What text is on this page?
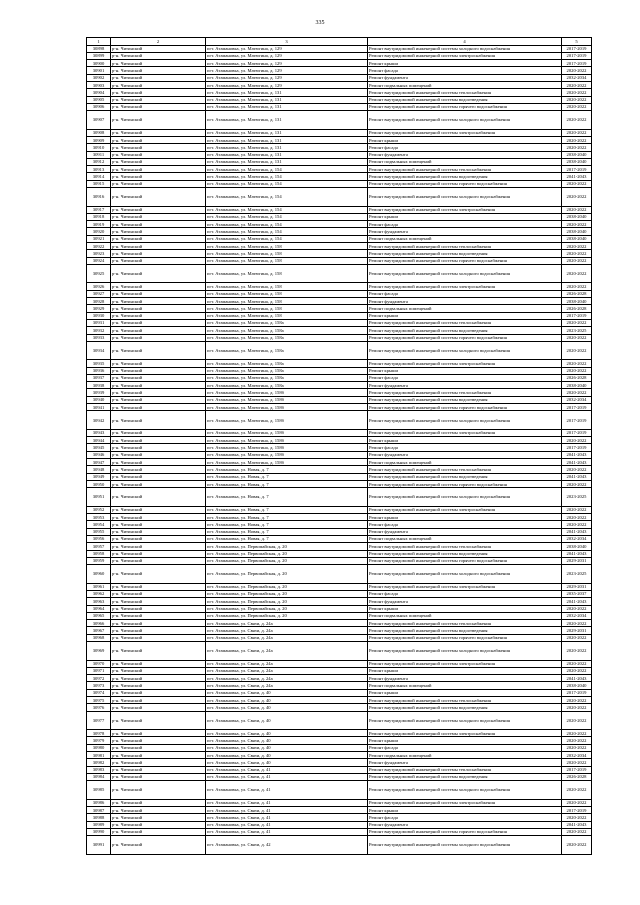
335
1	2	3	4	5
30898	р-н. Читинский	пгт. Атамановка, ул. Матюгина, д. 129	Ремонт внутридомовой инженерной системы холодного водоснабжения	2017-2019
30899	р-н. Читинский	пгт. Атамановка, ул. Матюгина, д. 129	Ремонт внутридомовой инженерной системы электроснабжения	2017-2019
30900	р-н. Читинский	пгт. Атамановка, ул. Матюгина, д. 129	Ремонт крыши	2017-2019
30901	р-н. Читинский	пгт. Атамановка, ул. Матюгина, д. 129	Ремонт фасада	2020-2022
30902	р-н. Читинский	пгт. Атамановка, ул. Матюгина, д. 129	Ремонт фундамента	2032-2034
30903	р-н. Читинский	пгт. Атамановка, ул. Матюгина, д. 129	Ремонт подвальных помещений	2020-2022
30904	р-н. Читинский	пгт. Атамановка, ул. Матюгина, д. 131	Ремонт внутридомовой инженерной системы теплоснабжения	2020-2022
30905	р-н. Читинский	пгт. Атамановка, ул. Матюгина, д. 131	Ремонт внутридомовой инженерной системы водоотведения	2020-2022
30906	р-н. Читинский	пгт. Атамановка, ул. Матюгина, д. 131	Ремонт внутридомовой инженерной системы горячего водоснабжения	2020-2022
30907	р-н. Читинский	пгт. Атамановка, ул. Матюгина, д. 131	Ремонт внутридомовой инженерной системы холодного водоснабжения	2020-2022
30908	р-н. Читинский	пгт. Атамановка, ул. Матюгина, д. 131	Ремонт внутридомовой инженерной системы электроснабжения	2020-2022
30909	р-н. Читинский	пгт. Атамановка, ул. Матюгина, д. 131	Ремонт крыши	2020-2022
30910	р-н. Читинский	пгт. Атамановка, ул. Матюгина, д. 131	Ремонт фасада	2020-2022
30911	р-н. Читинский	пгт. Атамановка, ул. Матюгина, д. 131	Ремонт фундамента	2038-2040
30912	р-н. Читинский	пгт. Атамановка, ул. Матюгина, д. 131	Ремонт подвальных помещений	2038-2040
30913	р-н. Читинский	пгт. Атамановка, ул. Матюгина, д. 154	Ремонт внутридомовой инженерной системы теплоснабжения	2017-2019
30914	р-н. Читинский	пгт. Атамановка, ул. Матюгина, д. 154	Ремонт внутридомовой инженерной системы водоотведения	2041-2043
30915	р-н. Читинский	пгт. Атамановка, ул. Матюгина, д. 154	Ремонт внутридомовой инженерной системы горячего водоснабжения	2020-2022
30916	р-н. Читинский	пгт. Атамановка, ул. Матюгина, д. 154	Ремонт внутридомовой инженерной системы холодного водоснабжения	2020-2022
30917	р-н. Читинский	пгт. Атамановка, ул. Матюгина, д. 154	Ремонт внутридомовой инженерной системы электроснабжения	2020-2022
30918	р-н. Читинский	пгт. Атамановка, ул. Матюгина, д. 154	Ремонт крыши	2038-2040
30919	р-н. Читинский	пгт. Атамановка, ул. Матюгина, д. 154	Ремонт фасада	2020-2022
30920	р-н. Читинский	пгт. Атамановка, ул. Матюгина, д. 154	Ремонт фундамента	2038-2040
30921	р-н. Читинский	пгт. Атамановка, ул. Матюгина, д. 154	Ремонт подвальных помещений	2038-2040
30922	р-н. Читинский	пгт. Атамановка, ул. Матюгина, д. 158	Ремонт внутридомовой инженерной системы теплоснабжения	2020-2022
30923	р-н. Читинский	пгт. Атамановка, ул. Матюгина, д. 158	Ремонт внутридомовой инженерной системы водоотведения	2020-2022
30924	р-н. Читинский	пгт. Атамановка, ул. Матюгина, д. 158	Ремонт внутридомовой инженерной системы горячего водоснабжения	2020-2022
30925	р-н. Читинский	пгт. Атамановка, ул. Матюгина, д. 158	Ремонт внутридомовой инженерной системы холодного водоснабжения	2020-2022
30926	р-н. Читинский	пгт. Атамановка, ул. Матюгина, д. 158	Ремонт внутридомовой инженерной системы электроснабжения	2020-2022
30927	р-н. Читинский	пгт. Атамановка, ул. Матюгина, д. 158	Ремонт фасада	2026-2028
30928	р-н. Читинский	пгт. Атамановка, ул. Матюгина, д. 158	Ремонт фундамента	2038-2040
30929	р-н. Читинский	пгт. Атамановка, ул. Матюгина, д. 158	Ремонт подвальных помещений	2026-2028
30930	р-н. Читинский	пгт. Атамановка, ул. Матюгина, д. 158	Ремонт крыши	2017-2019
30931	р-н. Читинский	пгт. Атамановка, ул. Матюгина, д. 158а	Ремонт внутридомовой инженерной системы теплоснабжения	2020-2022
30932	р-н. Читинский	пгт. Атамановка, ул. Матюгина, д. 158а	Ремонт внутридомовой инженерной системы водоотведения	2023-2025
30933	р-н. Читинский	пгт. Атамановка, ул. Матюгина, д. 158а	Ремонт внутридомовой инженерной системы горячего водоснабжения	2020-2022
30934	р-н. Читинский	пгт. Атамановка, ул. Матюгина, д. 158а	Ремонт внутридомовой инженерной системы холодного водоснабжения	2020-2022
30935	р-н. Читинский	пгт. Атамановка, ул. Матюгина, д. 158а	Ремонт внутридомовой инженерной системы электроснабжения	2020-2022
30936	р-н. Читинский	пгт. Атамановка, ул. Матюгина, д. 158а	Ремонт крыши	2020-2022
30937	р-н. Читинский	пгт. Атамановка, ул. Матюгина, д. 158а	Ремонт фасада	2026-2028
30938	р-н. Читинский	пгт. Атамановка, ул. Матюгина, д. 158а	Ремонт фундамента	2038-2040
30939	р-н. Читинский	пгт. Атамановка, ул. Матюгина, д. 158б	Ремонт внутридомовой инженерной системы теплоснабжения	2020-2022
30940	р-н. Читинский	пгт. Атамановка, ул. Матюгина, д. 158б	Ремонт внутридомовой инженерной системы водоотведения	2032-2034
30941	р-н. Читинский	пгт. Атамановка, ул. Матюгина, д. 158б	Ремонт внутридомовой инженерной системы горячего водоснабжения	2017-2019
30942	р-н. Читинский	пгт. Атамановка, ул. Матюгина, д. 158б	Ремонт внутридомовой инженерной системы холодного водоснабжения	2017-2019
30943	р-н. Читинский	пгт. Атамановка, ул. Матюгина, д. 158б	Ремонт внутридомовой инженерной системы электроснабжения	2017-2019
30944	р-н. Читинский	пгт. Атамановка, ул. Матюгина, д. 158б	Ремонт крыши	2020-2022
30945	р-н. Читинский	пгт. Атамановка, ул. Матюгина, д. 158б	Ремонт фасада	2017-2019
30946	р-н. Читинский	пгт. Атамановка, ул. Матюгина, д. 158б	Ремонт фундамента	2041-2043
30947	р-н. Читинский	пгт. Атамановка, ул. Матюгина, д. 158б	Ремонт подвальных помещений	2041-2043
30948	р-н. Читинский	пгт. Атамановка, ул. Новая, д. 7	Ремонт внутридомовой инженерной системы теплоснабжения	2020-2022
30949	р-н. Читинский	пгт. Атамановка, ул. Новая, д. 7	Ремонт внутридомовой инженерной системы водоотведения	2041-2043
30950	р-н. Читинский	пгт. Атамановка, ул. Новая, д. 7	Ремонт внутридомовой инженерной системы горячего водоснабжения	2020-2022
30951	р-н. Читинский	пгт. Атамановка, ул. Новая, д. 7	Ремонт внутридомовой инженерной системы холодного водоснабжения	2023-2025
30952	р-н. Читинский	пгт. Атамановка, ул. Новая, д. 7	Ремонт внутридомовой инженерной системы электроснабжения	2020-2022
30953	р-н. Читинский	пгт. Атамановка, ул. Новая, д. 7	Ремонт крыши	2020-2022
30954	р-н. Читинский	пгт. Атамановка, ул. Новая, д. 7	Ремонт фасада	2020-2022
30955	р-н. Читинский	пгт. Атамановка, ул. Новая, д. 7	Ремонт фундамента	2041-2043
30956	р-н. Читинский	пгт. Атамановка, ул. Новая, д. 7	Ремонт подвальных помещений	2032-2034
30957	р-н. Читинский	пгт. Атамановка, ул. Первомайская, д. 20	Ремонт внутридомовой инженерной системы теплоснабжения	2038-2040
30958	р-н. Читинский	пгт. Атамановка, ул. Первомайская, д. 20	Ремонт внутридомовой инженерной системы водоотведения	2041-2043
30959	р-н. Читинский	пгт. Атамановка, ул. Первомайская, д. 20	Ремонт внутридомовой инженерной системы горячего водоснабжения	2029-2031
30960	р-н. Читинский	пгт. Атамановка, ул. Первомайская, д. 20	Ремонт внутридомовой инженерной системы холодного водоснабжения	2023-2025
30961	р-н. Читинский	пгт. Атамановка, ул. Первомайская, д. 20	Ремонт внутридомовой инженерной системы электроснабжения	2029-2031
30962	р-н. Читинский	пгт. Атамановка, ул. Первомайская, д. 20	Ремонт фасада	2035-2037
30963	р-н. Читинский	пгт. Атамановка, ул. Первомайская, д. 20	Ремонт фундамента	2041-2043
30964	р-н. Читинский	пгт. Атамановка, ул. Первомайская, д. 20	Ремонт крыши	2020-2022
30965	р-н. Читинский	пгт. Атамановка, ул. Первомайская, д. 20	Ремонт подвальных помещений	2032-2034
30966	р-н. Читинский	пгт. Атамановка, ул. Связи, д. 24а	Ремонт внутридомовой инженерной системы теплоснабжения	2020-2022
30967	р-н. Читинский	пгт. Атамановка, ул. Связи, д. 24а	Ремонт внутридомовой инженерной системы водоотведения	2029-2031
30968	р-н. Читинский	пгт. Атамановка, ул. Связи, д. 24а	Ремонт внутридомовой инженерной системы горячего водоснабжения	2020-2022
30969	р-н. Читинский	пгт. Атамановка, ул. Связи, д. 24а	Ремонт внутридомовой инженерной системы холодного водоснабжения	2020-2022
30970	р-н. Читинский	пгт. Атамановка, ул. Связи, д. 24а	Ремонт внутридомовой инженерной системы электроснабжения	2020-2022
30971	р-н. Читинский	пгт. Атамановка, ул. Связи, д. 24а	Ремонт крыши	2020-2022
30972	р-н. Читинский	пгт. Атамановка, ул. Связи, д. 24а	Ремонт фундамента	2041-2043
30973	р-н. Читинский	пгт. Атамановка, ул. Связи, д. 24а	Ремонт подвальных помещений	2038-2040
30974	р-н. Читинский	пгт. Атамановка, ул. Связи, д. 40	Ремонт крыши	2017-2019
30975	р-н. Читинский	пгт. Атамановка, ул. Связи, д. 40	Ремонт внутридомовой инженерной системы теплоснабжения	2020-2022
30976	р-н. Читинский	пгт. Атамановка, ул. Связи, д. 40	Ремонт внутридомовой инженерной системы водоотведения	2020-2022
30977	р-н. Читинский	пгт. Атамановка, ул. Связи, д. 40	Ремонт внутридомовой инженерной системы холодного водоснабжения	2020-2022
30978	р-н. Читинский	пгт. Атамановка, ул. Связи, д. 40	Ремонт внутридомовой инженерной системы электроснабжения	2020-2022
30979	р-н. Читинский	пгт. Атамановка, ул. Связи, д. 40	Ремонт крыши	2020-2022
30980	р-н. Читинский	пгт. Атамановка, ул. Связи, д. 40	Ремонт фасада	2020-2022
30981	р-н. Читинский	пгт. Атамановка, ул. Связи, д. 40	Ремонт подвальных помещений	2032-2034
30982	р-н. Читинский	пгт. Атамановка, ул. Связи, д. 40	Ремонт фундамента	2020-2022
30983	р-н. Читинский	пгт. Атамановка, ул. Связи, д. 41	Ремонт внутридомовой инженерной системы теплоснабжения	2017-2019
30984	р-н. Читинский	пгт. Атамановка, ул. Связи, д. 41	Ремонт внутридомовой инженерной системы водоотведения	2026-2028
30985	р-н. Читинский	пгт. Атамановка, ул. Связи, д. 41	Ремонт внутридомовой инженерной системы холодного водоснабжения	2020-2022
30986	р-н. Читинский	пгт. Атамановка, ул. Связи, д. 41	Ремонт внутридомовой инженерной системы электроснабжения	2020-2022
30987	р-н. Читинский	пгт. Атамановка, ул. Связи, д. 41	Ремонт крыши	2017-2019
30988	р-н. Читинский	пгт. Атамановка, ул. Связи, д. 41	Ремонт фасада	2020-2022
30989	р-н. Читинский	пгт. Атамановка, ул. Связи, д. 41	Ремонт фундамента	2041-2043
30990	р-н. Читинский	пгт. Атамановка, ул. Связи, д. 41	Ремонт внутридомовой инженерной системы горячего водоснабжения	2020-2022
30991	р-н. Читинский	пгт. Атамановка, ул. Связи, д. 42	Ремонт внутридомовой инженерной системы холодного водоснабжения	2020-2022
